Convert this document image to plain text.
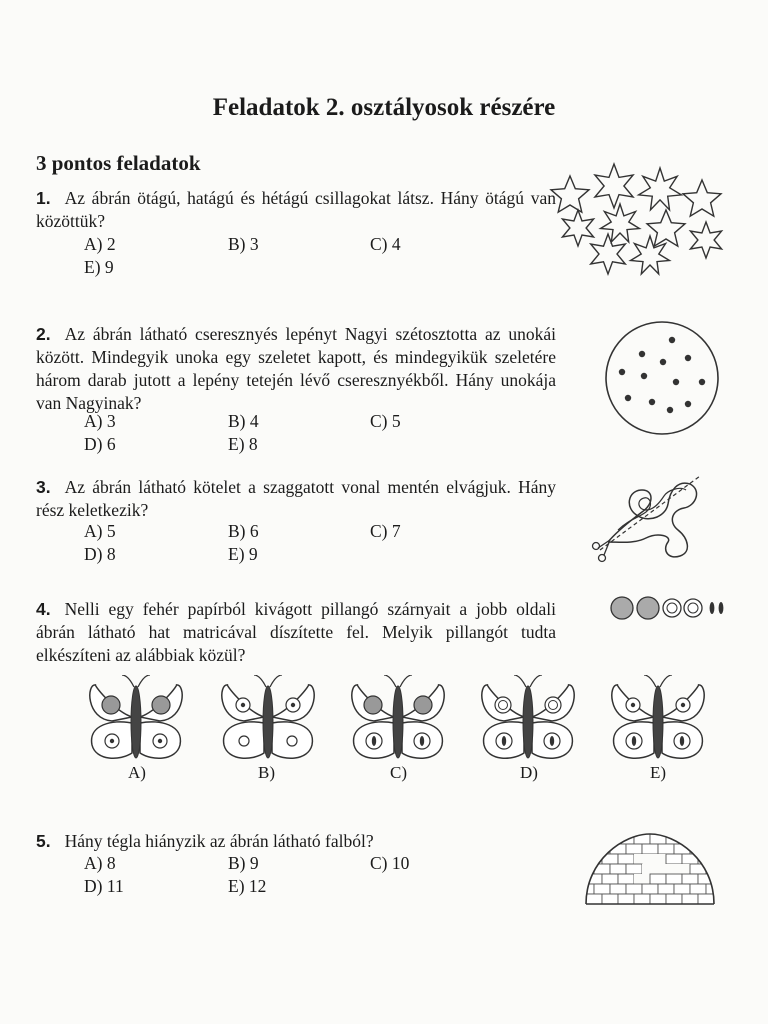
Feladatok 2. osztályosok részére
3 pontos feladatok
1. Az ábrán ötágú, hatágú és hétágú csillagokat látsz. Hány ötágú van közöttük?
A) 2	B) 3	C) 4
E) 9
2. Az ábrán látható cseresznyés lepényt Nagyi szétosztotta az unokái között. Mindegyik unoka egy szeletet kapott, és mindegyikük szeletére három darab jutott a lepény tetején lévő cseresznyékből. Hány unokája van Nagyinak?
A) 3	B) 4	C) 5
D) 6	E) 8
3. Az ábrán látható kötelet a szaggatott vonal mentén elvágjuk. Hány rész keletkezik?
A) 5	B) 6	C) 7
D) 8	E) 9
4. Nelli egy fehér papírból kivágott pillangó szárnyait a jobb oldali ábrán látható hat matricával díszítette fel. Melyik pillangót tudta elkészíteni az alábbiak közül?
A)	B)	C)	D)	E)
5. Hány tégla hiányzik az ábrán látható falból?
A) 8	B) 9	C) 10
D) 11	E) 12
